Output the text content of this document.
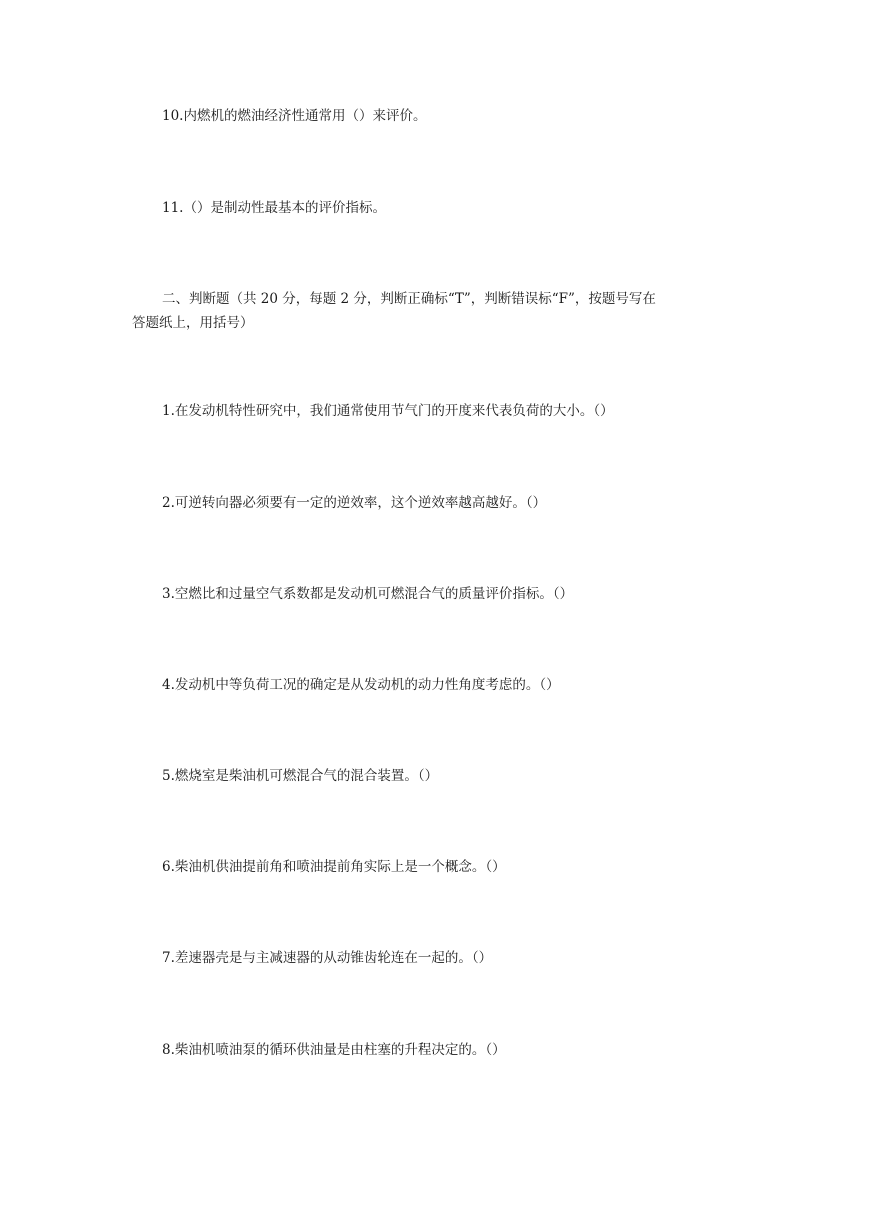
10.内燃机的燃油经济性通常用（）来评价。
11.（）是制动性最基本的评价指标。
二、判断题（共 20 分，每题 2 分，判断正确标“T”，判断错误标“F”，按题号写在
答题纸上，用括号）
1.在发动机特性研究中，我们通常使用节气门的开度来代表负荷的大小。（）
2.可逆转向器必须要有一定的逆效率，这个逆效率越高越好。（）
3.空燃比和过量空气系数都是发动机可燃混合气的质量评价指标。（）
4.发动机中等负荷工况的确定是从发动机的动力性角度考虑的。（）
5.燃烧室是柴油机可燃混合气的混合装置。（）
6.柴油机供油提前角和喷油提前角实际上是一个概念。（）
7.差速器壳是与主减速器的从动锥齿轮连在一起的。（）
8.柴油机喷油泵的循环供油量是由柱塞的升程决定的。（）
